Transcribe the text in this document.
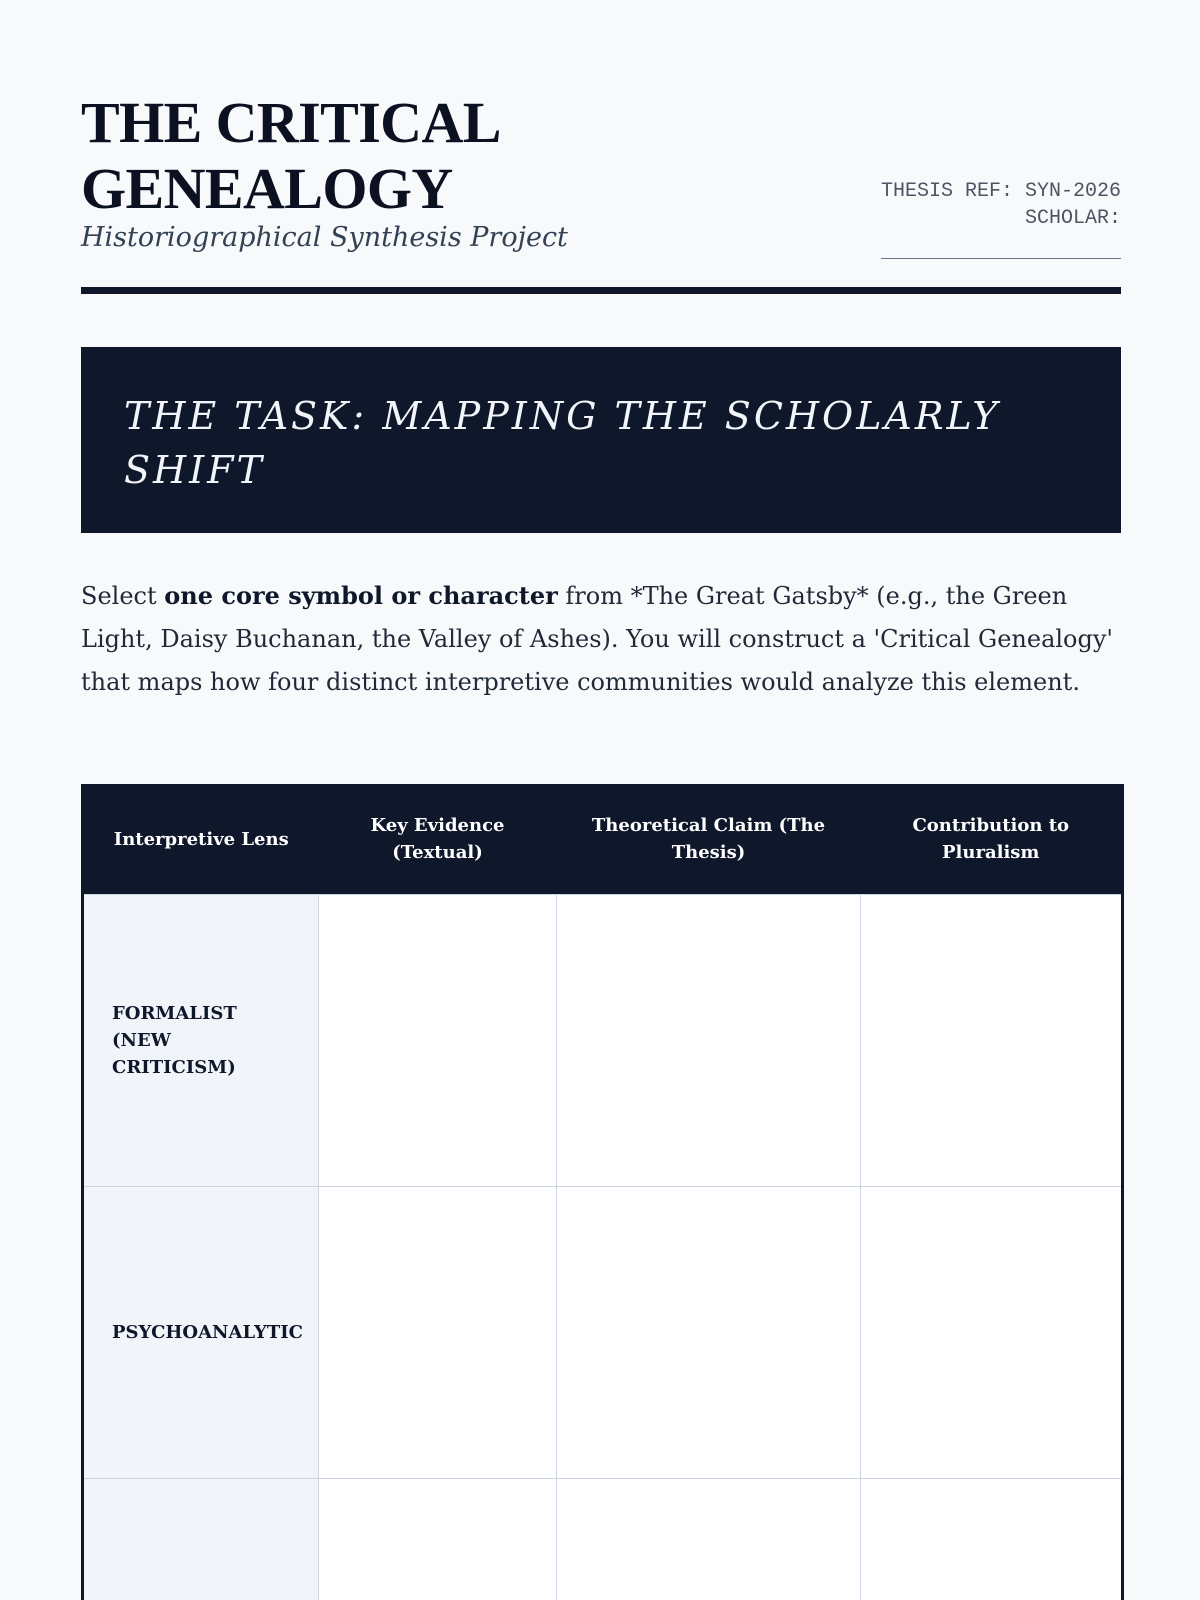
THE CRITICAL
GENEALOGY

Historiographical Synthesis Project

THESIS REF: SYN-2026
SCHOLAR:
THE TASK: MAPPING THE SCHOLARLY
SHIFT

Select one core symbol or character from *The Great Gatsby* (e.g., the Green Light, Daisy Buchanan, the Valley of Ashes). You will construct a 'Critical Genealogy' that maps how four distinct interpretive communities would analyze this element.

Interpretive Lens	Key Evidence (Textual)	Theoretical Claim (The Thesis)	Contribution to Pluralism
FORMALIST (NEW CRITICISM)			
PSYCHOANALYTIC			
